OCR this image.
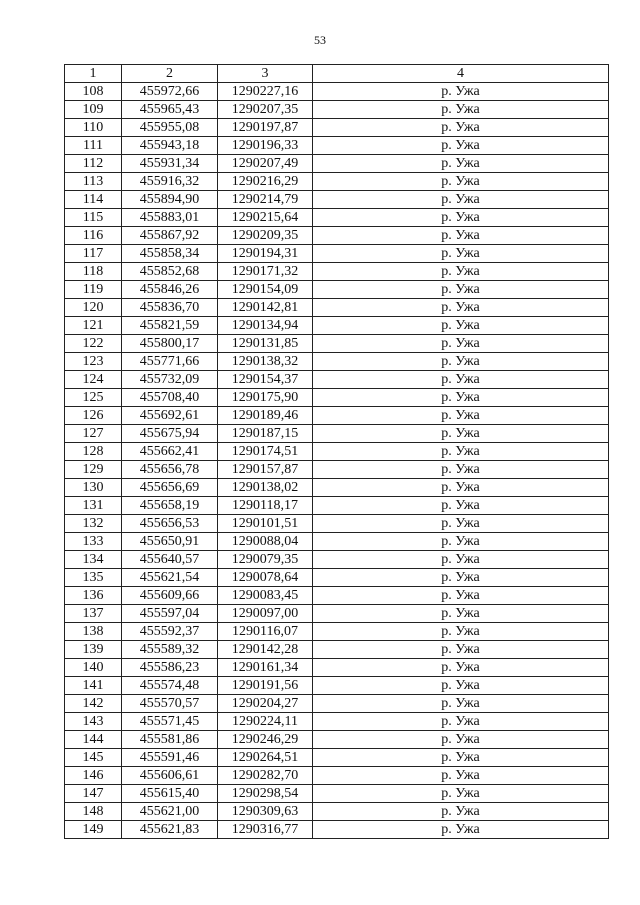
53
1	2	3	4
108	455972,66	1290227,16	р. Ужа
109	455965,43	1290207,35	р. Ужа
110	455955,08	1290197,87	р. Ужа
111	455943,18	1290196,33	р. Ужа
112	455931,34	1290207,49	р. Ужа
113	455916,32	1290216,29	р. Ужа
114	455894,90	1290214,79	р. Ужа
115	455883,01	1290215,64	р. Ужа
116	455867,92	1290209,35	р. Ужа
117	455858,34	1290194,31	р. Ужа
118	455852,68	1290171,32	р. Ужа
119	455846,26	1290154,09	р. Ужа
120	455836,70	1290142,81	р. Ужа
121	455821,59	1290134,94	р. Ужа
122	455800,17	1290131,85	р. Ужа
123	455771,66	1290138,32	р. Ужа
124	455732,09	1290154,37	р. Ужа
125	455708,40	1290175,90	р. Ужа
126	455692,61	1290189,46	р. Ужа
127	455675,94	1290187,15	р. Ужа
128	455662,41	1290174,51	р. Ужа
129	455656,78	1290157,87	р. Ужа
130	455656,69	1290138,02	р. Ужа
131	455658,19	1290118,17	р. Ужа
132	455656,53	1290101,51	р. Ужа
133	455650,91	1290088,04	р. Ужа
134	455640,57	1290079,35	р. Ужа
135	455621,54	1290078,64	р. Ужа
136	455609,66	1290083,45	р. Ужа
137	455597,04	1290097,00	р. Ужа
138	455592,37	1290116,07	р. Ужа
139	455589,32	1290142,28	р. Ужа
140	455586,23	1290161,34	р. Ужа
141	455574,48	1290191,56	р. Ужа
142	455570,57	1290204,27	р. Ужа
143	455571,45	1290224,11	р. Ужа
144	455581,86	1290246,29	р. Ужа
145	455591,46	1290264,51	р. Ужа
146	455606,61	1290282,70	р. Ужа
147	455615,40	1290298,54	р. Ужа
148	455621,00	1290309,63	р. Ужа
149	455621,83	1290316,77	р. Ужа
